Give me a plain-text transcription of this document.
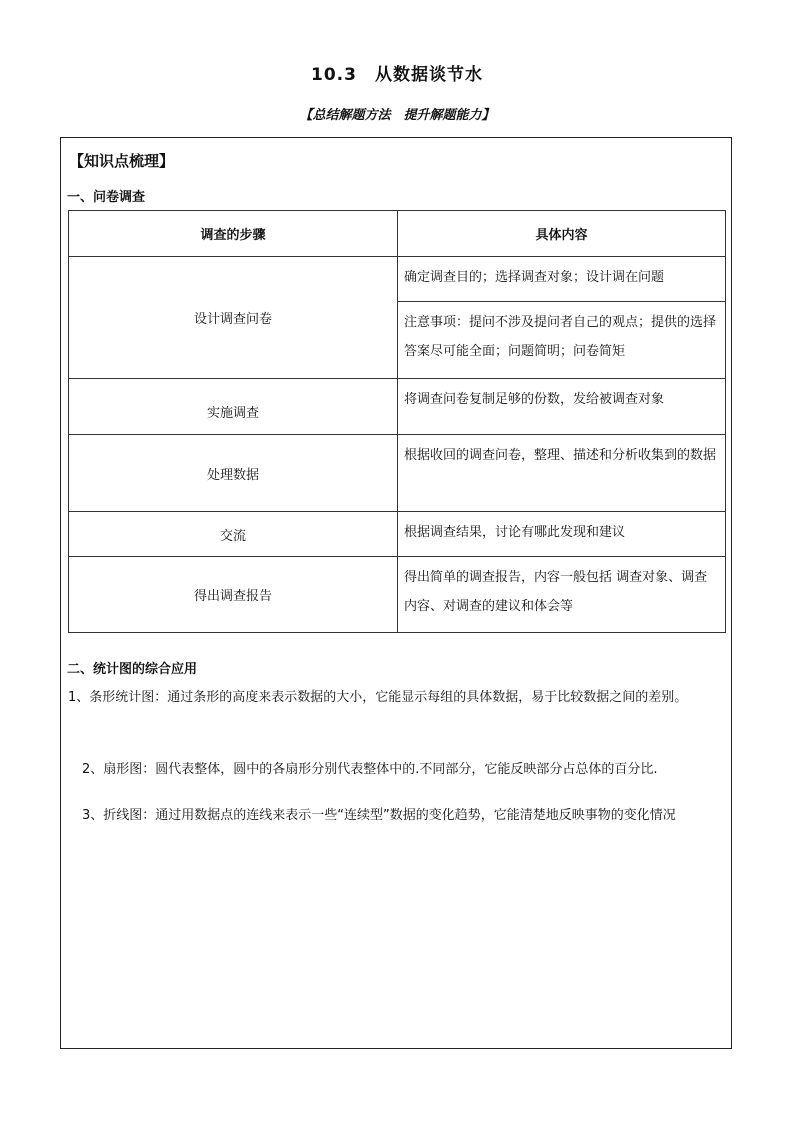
10.3　从数据谈节水
【总结解题方法　提升解题能力】
【知识点梳理】
一、问卷调查
调查的步骤	具体内容
设计调查问卷	确定调查目的；选择调查对象；设计调在问题
	注意事项：提问不涉及提问者自己的观点；提供的选择答案尽可能全面；问题简明；问卷简矩
实施调查	将调查问卷复制足够的份数，发给被调查对象
处理数据	根据收回的调查问卷，整理、描述和分析收集到的数据
交流	根据调查结果，讨论有哪此发现和建议
得出调查报告	得出简单的调查报告，内容一般包括 调查对象、调查内容、对调查的建议和体会等
二、统计图的综合应用
1、条形统计图：通过条形的高度来表示数据的大小，它能显示每组的具体数据，易于比较数据之间的差别。
2、扇形图：圆代表整体，圆中的各扇形分别代表整体中的.不同部分，它能反映部分占总体的百分比.
3、折线图：通过用数据点的连线来表示一些“连续型”数据的变化趋势，它能清楚地反映事物的变化情况
